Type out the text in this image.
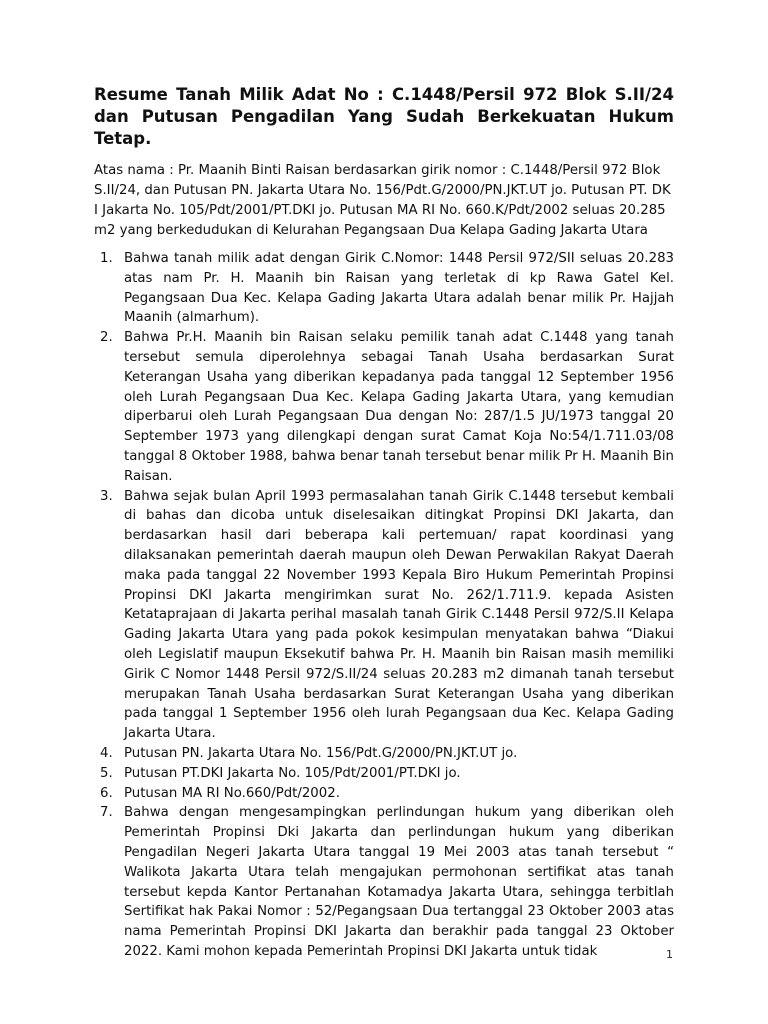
Resume Tanah Milik Adat No : C.1448/Persil 972 Blok S.II/24 dan Putusan Pengadilan Yang Sudah Berkekuatan Hukum Tetap.

Atas nama : Pr. Maanih Binti Raisan berdasarkan girik nomor : C.1448/Persil 972 Blok S.II/24, dan Putusan PN. Jakarta Utara No. 156/Pdt.G/2000/PN.JKT.UT jo. Putusan PT. DKI Jakarta No. 105/Pdt/2001/PT.DKI jo. Putusan MA RI No. 660.K/Pdt/2002 seluas 20.285 m2 yang berkedudukan di Kelurahan Pegangsaan Dua Kelapa Gading Jakarta Utara

1. Bahwa tanah milik adat dengan Girik C.Nomor: 1448 Persil 972/SII seluas 20.283 atas nam Pr. H. Maanih bin Raisan yang terletak di kp Rawa Gatel Kel. Pegangsaan Dua Kec. Kelapa Gading Jakarta Utara adalah benar milik Pr. Hajjah Maanih (almarhum).
2. Bahwa Pr.H. Maanih bin Raisan selaku pemilik tanah adat C.1448 yang tanah tersebut semula diperolehnya sebagai Tanah Usaha berdasarkan Surat Keterangan Usaha yang diberikan kepadanya pada tanggal 12 September 1956 oleh Lurah Pegangsaan Dua Kec. Kelapa Gading Jakarta Utara, yang kemudian diperbarui oleh Lurah Pegangsaan Dua dengan No: 287/1.5 JU/1973 tanggal 20 September 1973 yang dilengkapi dengan surat Camat Koja No:54/1.711.03/08 tanggal 8 Oktober 1988, bahwa benar tanah tersebut benar milik Pr H. Maanih Bin Raisan.
3. Bahwa sejak bulan April 1993 permasalahan tanah Girik C.1448 tersebut kembali di bahas dan dicoba untuk diselesaikan ditingkat Propinsi DKI Jakarta, dan berdasarkan hasil dari beberapa kali pertemuan/ rapat koordinasi yang dilaksanakan pemerintah daerah maupun oleh Dewan Perwakilan Rakyat Daerah maka pada tanggal 22 November 1993 Kepala Biro Hukum Pemerintah Propinsi Propinsi DKI Jakarta mengirimkan surat No. 262/1.711.9. kepada Asisten Ketataprajaan di Jakarta perihal masalah tanah Girik C.1448 Persil 972/S.II Kelapa Gading Jakarta Utara yang pada pokok kesimpulan menyatakan bahwa “Diakui oleh Legislatif maupun Eksekutif bahwa Pr. H. Maanih bin Raisan masih memiliki Girik C Nomor 1448 Persil 972/S.II/24 seluas 20.283 m2 dimanah tanah tersebut merupakan Tanah Usaha berdasarkan Surat Keterangan Usaha yang diberikan pada tanggal 1 September 1956 oleh lurah Pegangsaan dua Kec. Kelapa Gading Jakarta Utara.
4. Putusan PN. Jakarta Utara No. 156/Pdt.G/2000/PN.JKT.UT jo.
5. Putusan PT.DKI Jakarta No. 105/Pdt/2001/PT.DKI jo.
6. Putusan MA RI No.660/Pdt/2002.
7. Bahwa dengan mengesampingkan perlindungan hukum yang diberikan oleh Pemerintah Propinsi Dki Jakarta dan perlindungan hukum yang diberikan Pengadilan Negeri Jakarta Utara tanggal 19 Mei 2003 atas tanah tersebut “ Walikota Jakarta Utara telah mengajukan permohonan sertifikat atas tanah tersebut kepda Kantor Pertanahan Kotamadya Jakarta Utara, sehingga terbitlah Sertifikat hak Pakai Nomor : 52/Pegangsaan Dua tertanggal 23 Oktober 2003 atas nama Pemerintah Propinsi DKI Jakarta dan berakhir pada tanggal 23 Oktober 2022. Kami mohon kepada Pemerintah Propinsi DKI Jakarta untuk tidak	1
